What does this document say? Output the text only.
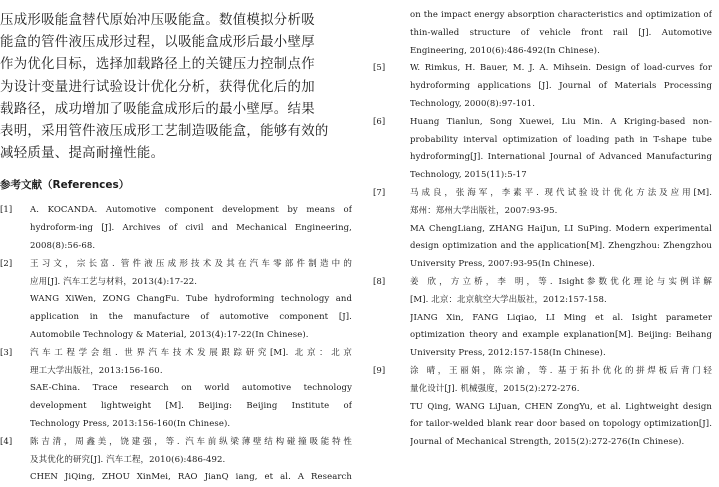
压成形吸能盒替代原始冲压吸能盒。数值模拟分析吸
能盒的管件液压成形过程，以吸能盒成形后最小壁厚
作为优化目标，选择加载路径上的关键压力控制点作
为设计变量进行试验设计优化分析，获得优化后的加
载路径，成功增加了吸能盒成形后的最小壁厚。结果
表明，采用管件液压成形工艺制造吸能盒，能够有效的
减轻质量、提高耐撞性能。
参考文献（References）
[1]	A. KOCANDA. Automotive component development by means of
hydroform-ing [J]. Archives of civil and Mechanical Engineering,
2008(8):56-68.
[2]	王习文，宗长富. 管件液压成形技术及其在汽车零部件制造中的
应用[J]. 汽车工艺与材料，2013(4):17-22.
WANG XiWen, ZONG ChangFu. Tube hydroforming technology and
application in the manufacture of automotive component [J].
Automobile Technology & Material, 2013(4):17-22(In Chinese).
[3]	汽车工程学会组. 世界汽车技术发展跟踪研究[M]. 北京：北京
理工大学出版社，2013:156-160.
SAE-China. Trace research on world automotive technology
development lightweight [M]. Beijing: Beijing Institute of
Technology Press, 2013:156-160(In Chinese).
[4]	陈吉清，周鑫美，饶建强，等. 汽车前纵梁薄壁结构碰撞吸能特性
及其优化的研究[J]. 汽车工程，2010(6):486-492.
CHEN JiQing, ZHOU XinMei, RAO JianQ iang, et al. A Research
on the impact energy absorption characteristics and optimization of
thin-walled structure of vehicle front rail [J]. Automotive
Engineering, 2010(6):486-492(In Chinese).
[5]	W. Rimkus, H. Bauer, M. J. A. Mihsein. Design of load-curves for
hydroforming applications [J]. Journal of Materials Processing
Technology, 2000(8):97-101.
[6]	Huang Tianlun, Song Xuewei, Liu Min. A Kriging-based non-
probability interval optimization of loading path in T-shape tube
hydroforming[J]. International Journal of Advanced Manufacturing
Technology, 2015(11):5-17
[7]	马成良，张海军，李素平. 现代试验设计优化方法及应用[M].
郑州：郑州大学出版社，2007:93-95.
MA ChengLiang, ZHANG HaiJun, LI SuPing. Modern experimental
design optimization and the application[M]. Zhengzhou: Zhengzhou
University Press, 2007:93-95(In Chinese).
[8]	姜 欣，方立桥，李 明，等. Isight参数优化理论与实例详解
[M]. 北京：北京航空大学出版社，2012:157-158.
JIANG Xin, FANG Liqiao, LI Ming et al. Isight parameter
optimization theory and example explanation[M]. Beijing: Beihang
University Press, 2012:157-158(In Chinese).
[9]	涂 晴，王丽娟，陈宗渝，等. 基于拓扑优化的拼焊板后背门轻
量化设计[J]. 机械强度，2015(2):272-276.
TU Qing, WANG LiJuan, CHEN ZongYu, et al. Lightweight design
for tailor-welded blank rear door based on topology optimization[J].
Journal of Mechanical Strength, 2015(2):272-276(In Chinese).
